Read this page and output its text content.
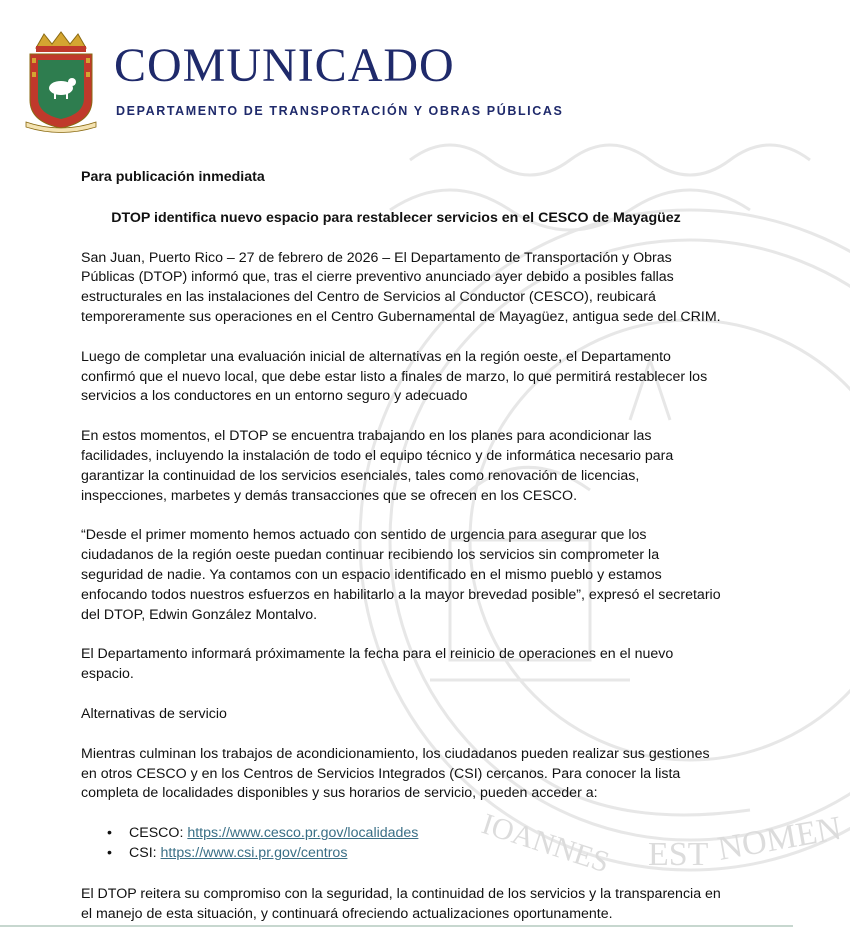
IOANNES EST NOMEN
COMUNICADO
DEPARTAMENTO DE TRANSPORTACIÓN Y OBRAS PÚBLICAS

Para publicación inmediata

DTOP identifica nuevo espacio para restablecer servicios en el CESCO de Mayagüez

San Juan, Puerto Rico – 27 de febrero de 2026 – El Departamento de Transportación y Obras Públicas (DTOP) informó que, tras el cierre preventivo anunciado ayer debido a posibles fallas estructurales en las instalaciones del Centro de Servicios al Conductor (CESCO), reubicará temporeramente sus operaciones en el Centro Gubernamental de Mayagüez, antigua sede del CRIM.

Luego de completar una evaluación inicial de alternativas en la región oeste, el Departamento confirmó que el nuevo local, que debe estar listo a finales de marzo, lo que permitirá restablecer los servicios a los conductores en un entorno seguro y adecuado

En estos momentos, el DTOP se encuentra trabajando en los planes para acondicionar las facilidades, incluyendo la instalación de todo el equipo técnico y de informática necesario para garantizar la continuidad de los servicios esenciales, tales como renovación de licencias, inspecciones, marbetes y demás transacciones que se ofrecen en los CESCO.

“Desde el primer momento hemos actuado con sentido de urgencia para asegurar que los ciudadanos de la región oeste puedan continuar recibiendo los servicios sin comprometer la seguridad de nadie. Ya contamos con un espacio identificado en el mismo pueblo y estamos enfocando todos nuestros esfuerzos en habilitarlo a la mayor brevedad posible”, expresó el secretario del DTOP, Edwin González Montalvo.

El Departamento informará próximamente la fecha para el reinicio de operaciones en el nuevo espacio.

Alternativas de servicio

Mientras culminan los trabajos de acondicionamiento, los ciudadanos pueden realizar sus gestiones en otros CESCO y en los Centros de Servicios Integrados (CSI) cercanos. Para conocer la lista completa de localidades disponibles y sus horarios de servicio, pueden acceder a:

• CESCO: https://www.cesco.pr.gov/localidades
• CSI: https://www.csi.pr.gov/centros

El DTOP reitera su compromiso con la seguridad, la continuidad de los servicios y la transparencia en el manejo de esta situación, y continuará ofreciendo actualizaciones oportunamente.
